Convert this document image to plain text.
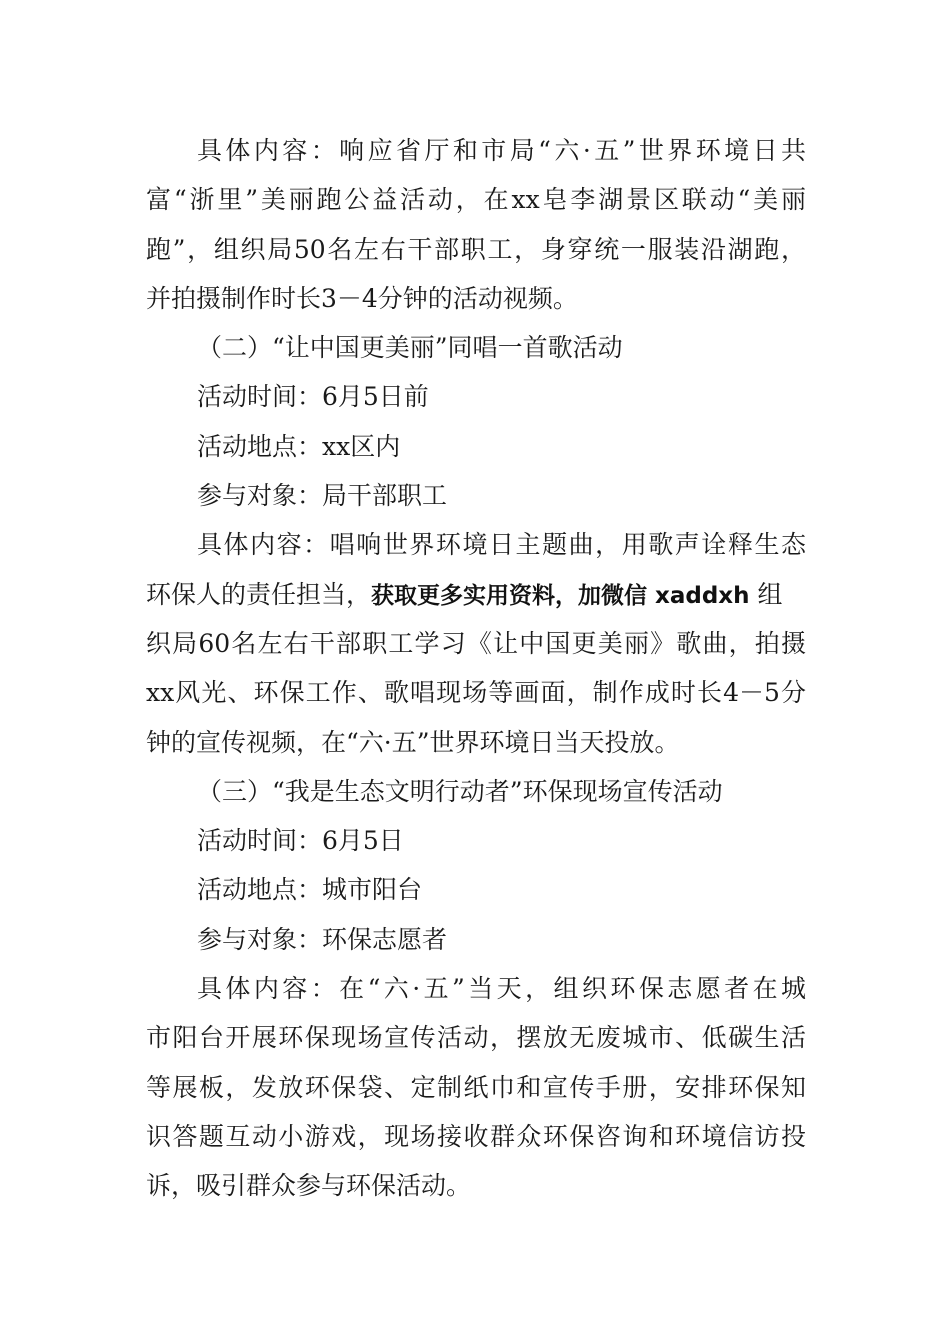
具体内容：响应省厅和市局“六·五”世界环境日共
富“浙里”美丽跑公益活动，在xx皂李湖景区联动“美丽
跑”，组织局50名左右干部职工，身穿统一服装沿湖跑，
并拍摄制作时长3－4分钟的活动视频。
（二）“让中国更美丽”同唱一首歌活动
活动时间：6月5日前
活动地点：xx区内
参与对象：局干部职工
具体内容：唱响世界环境日主题曲，用歌声诠释生态
环保人的责任担当，获取更多实用资料，加微信 xaddxh 组
织局60名左右干部职工学习《让中国更美丽》歌曲，拍摄
xx风光、环保工作、歌唱现场等画面，制作成时长4－5分
钟的宣传视频，在“六·五”世界环境日当天投放。
（三）“我是生态文明行动者”环保现场宣传活动
活动时间：6月5日
活动地点：城市阳台
参与对象：环保志愿者
具体内容：在“六·五”当天，组织环保志愿者在城
市阳台开展环保现场宣传活动，摆放无废城市、低碳生活
等展板，发放环保袋、定制纸巾和宣传手册，安排环保知
识答题互动小游戏，现场接收群众环保咨询和环境信访投
诉，吸引群众参与环保活动。
